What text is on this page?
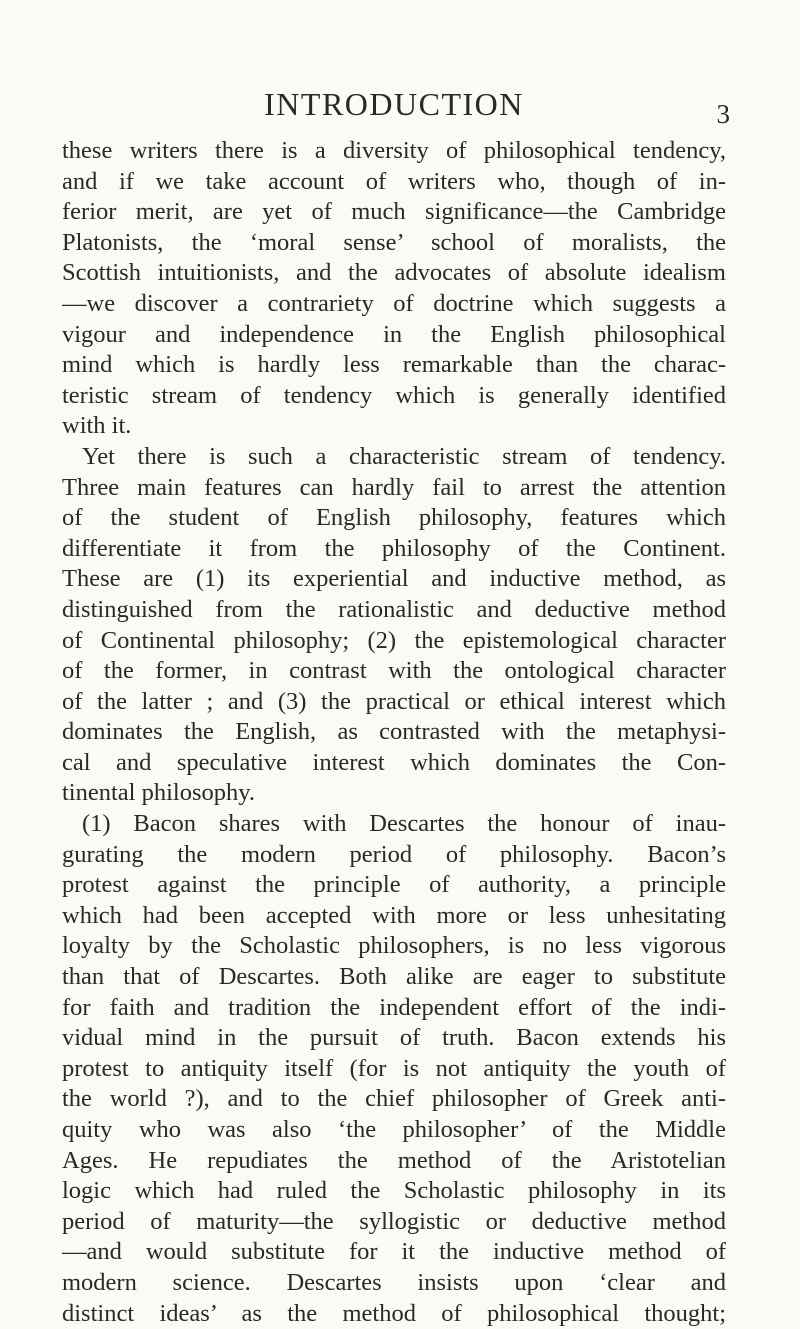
INTRODUCTION	3
these writers there is a diversity of philosophical tendency,
and if we take account of writers who, though of in-
ferior merit, are yet of much significance—the Cambridge
Platonists, the ‘moral sense’ school of moralists, the
Scottish intuitionists, and the advocates of absolute idealism
—we discover a contrariety of doctrine which suggests a
vigour and independence in the English philosophical
mind which is hardly less remarkable than the charac-
teristic stream of tendency which is generally identified
with it.
Yet there is such a characteristic stream of tendency.
Three main features can hardly fail to arrest the attention
of the student of English philosophy, features which
differentiate it from the philosophy of the Continent.
These are (1) its experiential and inductive method, as
distinguished from the rationalistic and deductive method
of Continental philosophy; (2) the epistemological character
of the former, in contrast with the ontological character
of the latter ; and (3) the practical or ethical interest which
dominates the English, as contrasted with the metaphysi-
cal and speculative interest which dominates the Con-
tinental philosophy.
(1) Bacon shares with Descartes the honour of inau-
gurating the modern period of philosophy. Bacon’s
protest against the principle of authority, a principle
which had been accepted with more or less unhesitating
loyalty by the Scholastic philosophers, is no less vigorous
than that of Descartes. Both alike are eager to substitute
for faith and tradition the independent effort of the indi-
vidual mind in the pursuit of truth. Bacon extends his
protest to antiquity itself (for is not antiquity the youth of
the world ?), and to the chief philosopher of Greek anti-
quity who was also ‘the philosopher’ of the Middle
Ages. He repudiates the method of the Aristotelian
logic which had ruled the Scholastic philosophy in its
period of maturity—the syllogistic or deductive method
—and would substitute for it the inductive method of
modern science. Descartes insists upon ‘clear and
distinct ideas’ as the method of philosophical thought;
